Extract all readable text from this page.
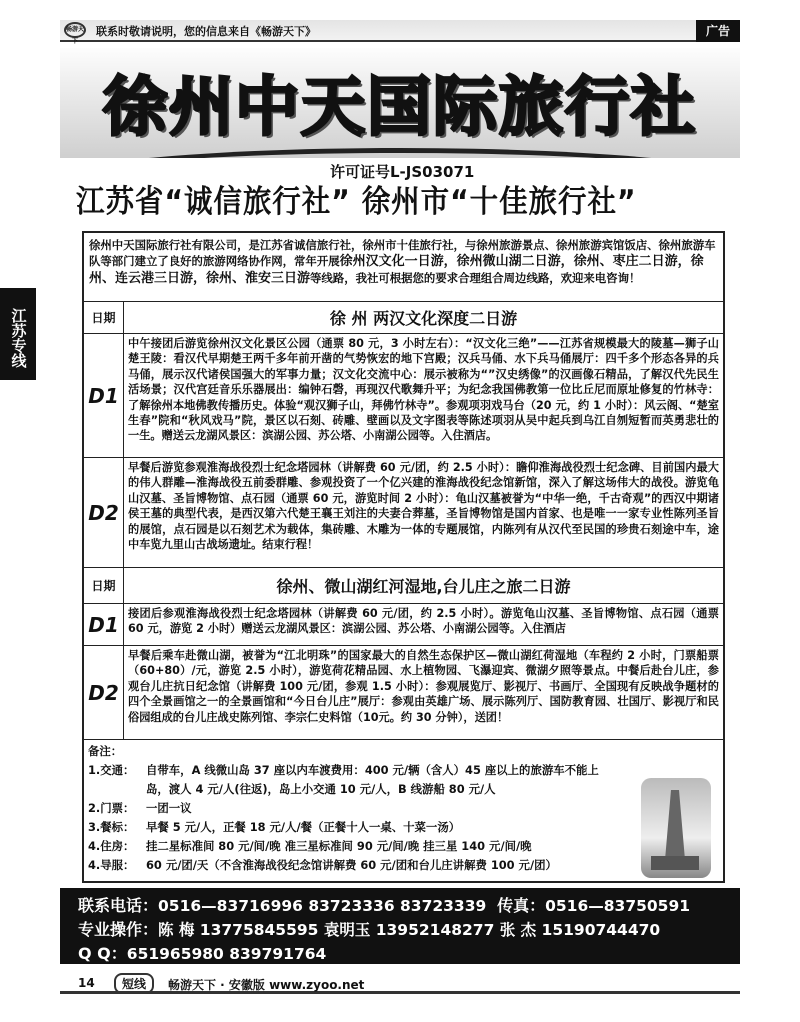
畅游天下
联系时敬请说明，您的信息来自《畅游天下》	广告
江苏专线
徐州中天国际旅行社
许可证号L-JS03071
江苏省“诚信旅行社” 徐州市“十佳旅行社”
徐州中天国际旅行社有限公司，是江苏省诚信旅行社，徐州市十佳旅行社，与徐州旅游景点、徐州旅游宾馆饭店、徐州旅游车队等部门建立了良好的旅游网络协作网，常年开展徐州汉文化一日游，徐州微山湖二日游，徐州、枣庄二日游，徐州、连云港三日游，徐州、淮安三日游等线路，我社可根据您的要求合理组合周边线路，欢迎来电咨询！
日期	徐 州 两汉文化深度二日游
D1
中午接团后游览徐州汉文化景区公园（通票 80 元，3 小时左右）：“汉文化三绝”——江苏省规模最大的陵墓—狮子山楚王陵：看汉代早期楚王两千多年前开凿的气势恢宏的地下宫殿；汉兵马俑、水下兵马俑展厅：四千多个形态各异的兵马俑，展示汉代诸侯国强大的军事力量；汉文化交流中心：展示被称为“”汉史绣像”的汉画像石精品，了解汉代先民生活场景；汉代宫廷音乐乐器展出：编钟石磬，再现汉代歌舞升平；为纪念我国佛教第一位比丘尼而原址修复的竹林寺：了解徐州本地佛教传播历史。体验“观汉狮子山，拜佛竹林寺”。参观项羽戏马台（20 元，约 1 小时）：风云阁、“楚室生春”院和“秋风戏马”院，景区以石刻、砖雕、壁画以及文字图表等陈述项羽从吴中起兵到乌江自刎短暂而英勇悲壮的一生。赠送云龙湖风景区：滨湖公园、苏公塔、小南湖公园等。入住酒店。
D2
早餐后游览参观淮海战役烈士纪念塔园林（讲解费 60 元/团，约 2.5 小时）：瞻仰淮海战役烈士纪念碑、目前国内最大的伟人群雕—淮海战役五前委群雕、参观投资了一个亿兴建的淮海战役纪念馆新馆，深入了解这场伟大的战役。游览龟山汉墓、圣旨博物馆、点石园（通票 60 元，游览时间 2 小时）：龟山汉墓被誉为“中华一绝，千古奇观”的西汉中期诸侯王墓的典型代表，是西汉第六代楚王襄王刘注的夫妻合葬墓，圣旨博物馆是国内首家、也是唯一一家专业性陈列圣旨的展馆，点石园是以石刻艺术为载体，集砖雕、木雕为一体的专题展馆，内陈列有从汉代至民国的珍贵石刻途中车，途中车览九里山古战场遗址。结束行程！
日期	徐州、微山湖红河湿地,台儿庄之旅二日游
D1 接团后参观淮海战役烈士纪念塔园林（讲解费 60 元/团，约 2.5 小时）。游览龟山汉墓、圣旨博物馆、点石园（通票 60 元，游览 2 小时）赠送云龙湖风景区：滨湖公园、苏公塔、小南湖公园等。入住酒店
D2
早餐后乘车赴微山湖，被誉为“江北明珠”的国家最大的自然生态保护区—微山湖红荷湿地（车程约 2 小时，门票船票（60+80）/元，游览 2.5 小时），游览荷花精品园、水上植物园、飞瀑迎宾、微湖夕照等景点。中餐后赴台儿庄，参观台儿庄抗日纪念馆（讲解费 100 元/团，参观 1.5 小时）：参观展览厅、影视厅、书画厅、全国现有反映战争题材的四个全景画馆之一的全景画馆和“今日台儿庄”展厅：参观由英雄广场、展示陈列厅、国防教育园、壮国厅、影视厅和民俗园组成的台儿庄战史陈列馆、李宗仁史料馆（10元。约 30 分钟），送团！
备注：
1.交通：	自带车，A 线微山岛 37 座以内车渡费用：400 元/辆（含人）45 座以上的旅游车不能上岛，渡人 4 元/人(往返)，岛上小交通 10 元/人，B 线游船 80 元/人
2.门票：	一团一议
3.餐标：	早餐 5 元/人，正餐 18 元/人/餐（正餐十人一桌、十菜一汤）
4.住房：	挂二星标准间 80 元/间/晚 准三星标准间 90 元/间/晚 挂三星 140 元/间/晚
4.导服：	60 元/团/天（不含淮海战役纪念馆讲解费 60 元/团和台儿庄讲解费 100 元/团）
联系电话：0516—83716996 83723336 83723339 传真：0516—83750591
专业操作：陈 梅 13775845595 袁明玉 13952148277 张 杰 15190744470
Q Q：651965980 839791764
14	短线	畅游天下 · 安徽版 www.zyoo.net
